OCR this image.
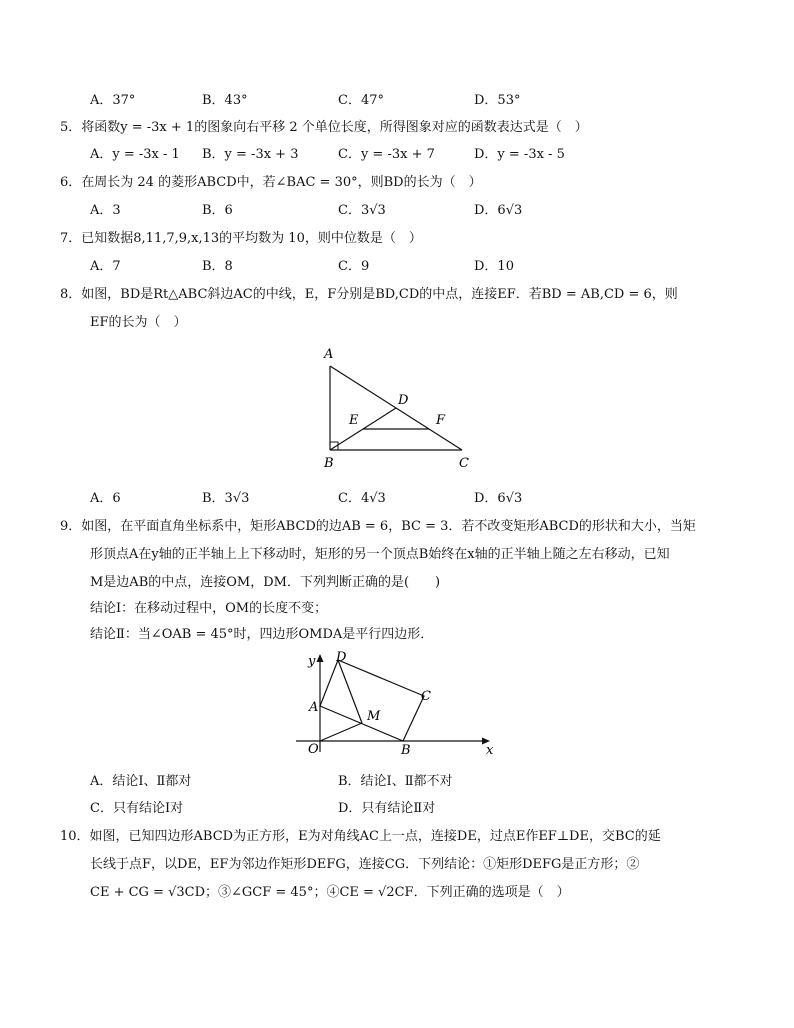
A．37°	B．43°	C．47°	D．53°
5．将函数y = -3x + 1的图象向右平移 2 个单位长度，所得图象对应的函数表达式是（　）
A．y = -3x - 1 B．y = -3x + 3	C．y = -3x + 7	D．y = -3x - 5
6．在周长为 24 的菱形ABCD中，若∠BAC = 30°，则BD的长为（　）
A．3	B．6	C．3√3	D．6√3
7．已知数据8,11,7,9,x,13的平均数为 10，则中位数是（　）
A．7	B．8	C．9	D．10
8．如图，BD是Rt△ABC斜边AC的中线，E，F分别是BD,CD的中点，连接EF．若BD = AB,CD = 6，则
EF的长为（　）
A
B	C
D
E	F
A．6	B．3√3	C．4√3	D．6√3
9．如图，在平面直角坐标系中，矩形ABCD的边AB = 6，BC = 3．若不改变矩形ABCD的形状和大小，当矩
形顶点A在y轴的正半轴上上下移动时，矩形的另一个顶点B始终在x轴的正半轴上随之左右移动，已知
M是边AB的中点，连接OM，DM．下列判断正确的是(　　)
结论Ⅰ：在移动过程中，OM的长度不变；
结论Ⅱ：当∠OAB = 45°时，四边形OMDA是平行四边形．
y
x
O
A
B
C
D
M
A．结论Ⅰ、Ⅱ都对	B．结论Ⅰ、Ⅱ都不对
C．只有结论Ⅰ对	D．只有结论Ⅱ对
10．如图，已知四边形ABCD为正方形，E为对角线AC上一点，连接DE，过点E作EF⊥DE，交BC的延
长线于点F，以DE，EF为邻边作矩形DEFG，连接CG．下列结论：①矩形DEFG是正方形；②
CE + CG = √3CD；③∠GCF = 45°；④CE = √2CF．下列正确的选项是（　）
